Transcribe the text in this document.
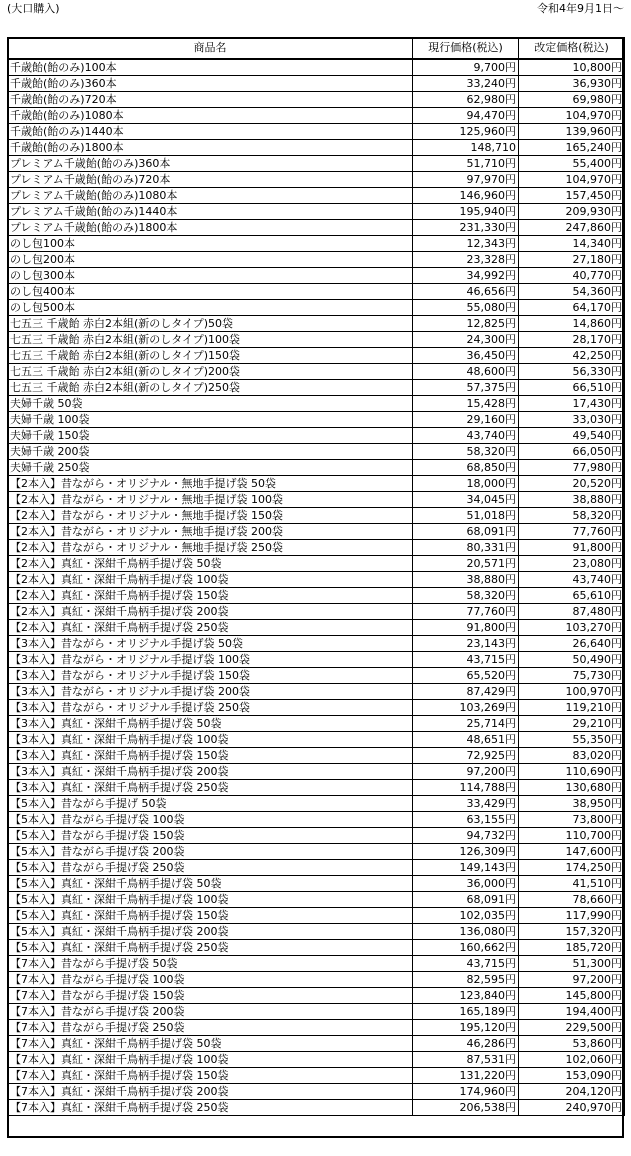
(大口購入)	令和4年9月1日～
商品名	現行価格(税込)	改定価格(税込)
千歳飴(飴のみ)100本	9,700円	10,800円
千歳飴(飴のみ)360本	33,240円	36,930円
千歳飴(飴のみ)720本	62,980円	69,980円
千歳飴(飴のみ)1080本	94,470円	104,970円
千歳飴(飴のみ)1440本	125,960円	139,960円
千歳飴(飴のみ)1800本	148,710	165,240円
プレミアム千歳飴(飴のみ)360本	51,710円	55,400円
プレミアム千歳飴(飴のみ)720本	97,970円	104,970円
プレミアム千歳飴(飴のみ)1080本	146,960円	157,450円
プレミアム千歳飴(飴のみ)1440本	195,940円	209,930円
プレミアム千歳飴(飴のみ)1800本	231,330円	247,860円
のし包100本	12,343円	14,340円
のし包200本	23,328円	27,180円
のし包300本	34,992円	40,770円
のし包400本	46,656円	54,360円
のし包500本	55,080円	64,170円
七五三 千歳飴 赤白2本組(新のしタイプ)50袋	12,825円	14,860円
七五三 千歳飴 赤白2本組(新のしタイプ)100袋	24,300円	28,170円
七五三 千歳飴 赤白2本組(新のしタイプ)150袋	36,450円	42,250円
七五三 千歳飴 赤白2本組(新のしタイプ)200袋	48,600円	56,330円
七五三 千歳飴 赤白2本組(新のしタイプ)250袋	57,375円	66,510円
夫婦千歳 50袋	15,428円	17,430円
夫婦千歳 100袋	29,160円	33,030円
夫婦千歳 150袋	43,740円	49,540円
夫婦千歳 200袋	58,320円	66,050円
夫婦千歳 250袋	68,850円	77,980円
【2本入】昔ながら・オリジナル・無地手提げ袋 50袋	18,000円	20,520円
【2本入】昔ながら・オリジナル・無地手提げ袋 100袋	34,045円	38,880円
【2本入】昔ながら・オリジナル・無地手提げ袋 150袋	51,018円	58,320円
【2本入】昔ながら・オリジナル・無地手提げ袋 200袋	68,091円	77,760円
【2本入】昔ながら・オリジナル・無地手提げ袋 250袋	80,331円	91,800円
【2本入】真紅・深紺千鳥柄手提げ袋 50袋	20,571円	23,080円
【2本入】真紅・深紺千鳥柄手提げ袋 100袋	38,880円	43,740円
【2本入】真紅・深紺千鳥柄手提げ袋 150袋	58,320円	65,610円
【2本入】真紅・深紺千鳥柄手提げ袋 200袋	77,760円	87,480円
【2本入】真紅・深紺千鳥柄手提げ袋 250袋	91,800円	103,270円
【3本入】昔ながら・オリジナル手提げ袋 50袋	23,143円	26,640円
【3本入】昔ながら・オリジナル手提げ袋 100袋	43,715円	50,490円
【3本入】昔ながら・オリジナル手提げ袋 150袋	65,520円	75,730円
【3本入】昔ながら・オリジナル手提げ袋 200袋	87,429円	100,970円
【3本入】昔ながら・オリジナル手提げ袋 250袋	103,269円	119,210円
【3本入】真紅・深紺千鳥柄手提げ袋 50袋	25,714円	29,210円
【3本入】真紅・深紺千鳥柄手提げ袋 100袋	48,651円	55,350円
【3本入】真紅・深紺千鳥柄手提げ袋 150袋	72,925円	83,020円
【3本入】真紅・深紺千鳥柄手提げ袋 200袋	97,200円	110,690円
【3本入】真紅・深紺千鳥柄手提げ袋 250袋	114,788円	130,680円
【5本入】昔ながら手提げ 50袋	33,429円	38,950円
【5本入】昔ながら手提げ袋 100袋	63,155円	73,800円
【5本入】昔ながら手提げ袋 150袋	94,732円	110,700円
【5本入】昔ながら手提げ袋 200袋	126,309円	147,600円
【5本入】昔ながら手提げ袋 250袋	149,143円	174,250円
【5本入】真紅・深紺千鳥柄手提げ袋 50袋	36,000円	41,510円
【5本入】真紅・深紺千鳥柄手提げ袋 100袋	68,091円	78,660円
【5本入】真紅・深紺千鳥柄手提げ袋 150袋	102,035円	117,990円
【5本入】真紅・深紺千鳥柄手提げ袋 200袋	136,080円	157,320円
【5本入】真紅・深紺千鳥柄手提げ袋 250袋	160,662円	185,720円
【7本入】昔ながら手提げ袋 50袋	43,715円	51,300円
【7本入】昔ながら手提げ袋 100袋	82,595円	97,200円
【7本入】昔ながら手提げ袋 150袋	123,840円	145,800円
【7本入】昔ながら手提げ袋 200袋	165,189円	194,400円
【7本入】昔ながら手提げ袋 250袋	195,120円	229,500円
【7本入】真紅・深紺千鳥柄手提げ袋 50袋	46,286円	53,860円
【7本入】真紅・深紺千鳥柄手提げ袋 100袋	87,531円	102,060円
【7本入】真紅・深紺千鳥柄手提げ袋 150袋	131,220円	153,090円
【7本入】真紅・深紺千鳥柄手提げ袋 200袋	174,960円	204,120円
【7本入】真紅・深紺千鳥柄手提げ袋 250袋	206,538円	240,970円
